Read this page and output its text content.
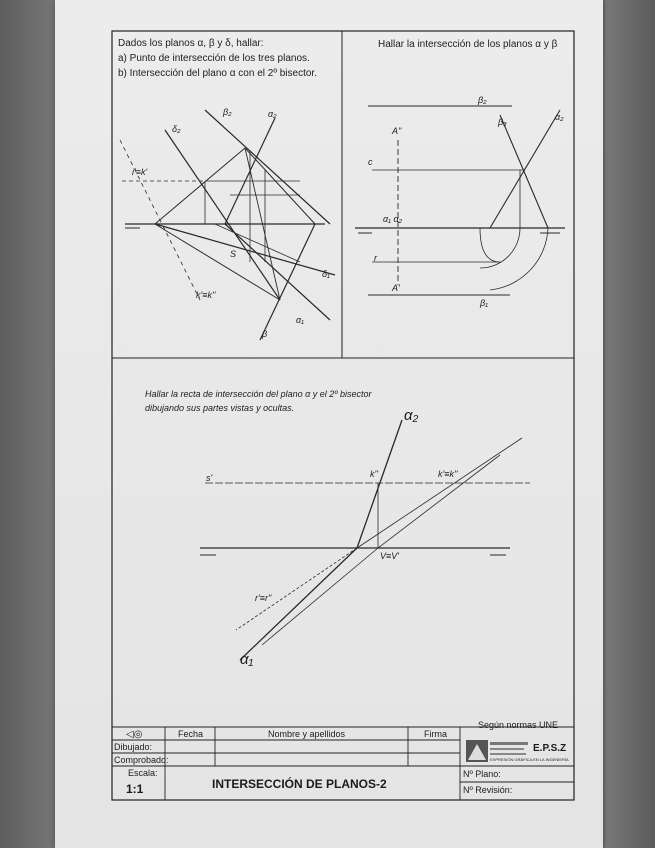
Dados los planos α, β y δ, hallar:
a) Punto de intersección de los tres planos.
b) Intersección del plano α con el 2º bisector.
β₂	α₂
δ₂
i'≡k'
S
δ₁
k'≡k''
α₁
β
Hallar la intersección de los planos α y β
β₂
α₂
β₃
A''
c
α₁ α₂
r
A'
β₁
Hallar la recta de intersección del plano α y el 2º bisector
dibujando sus partes vistas y ocultas.	α₂
s'	k''	k'≡k''
V≡V'
r'≡r''
α₁
◁◎	Fecha	Nombre y apellidos	Firma
Según normas UNE
Dibujado:
Comprobado:
Escala:
1:1	INTERSECCIÓN DE PLANOS-2
Nº Plano:
Nº Revisión:
E.P.S.Z
EXPRESIÓN GRÁFICA EN LA INGENIERÍA
